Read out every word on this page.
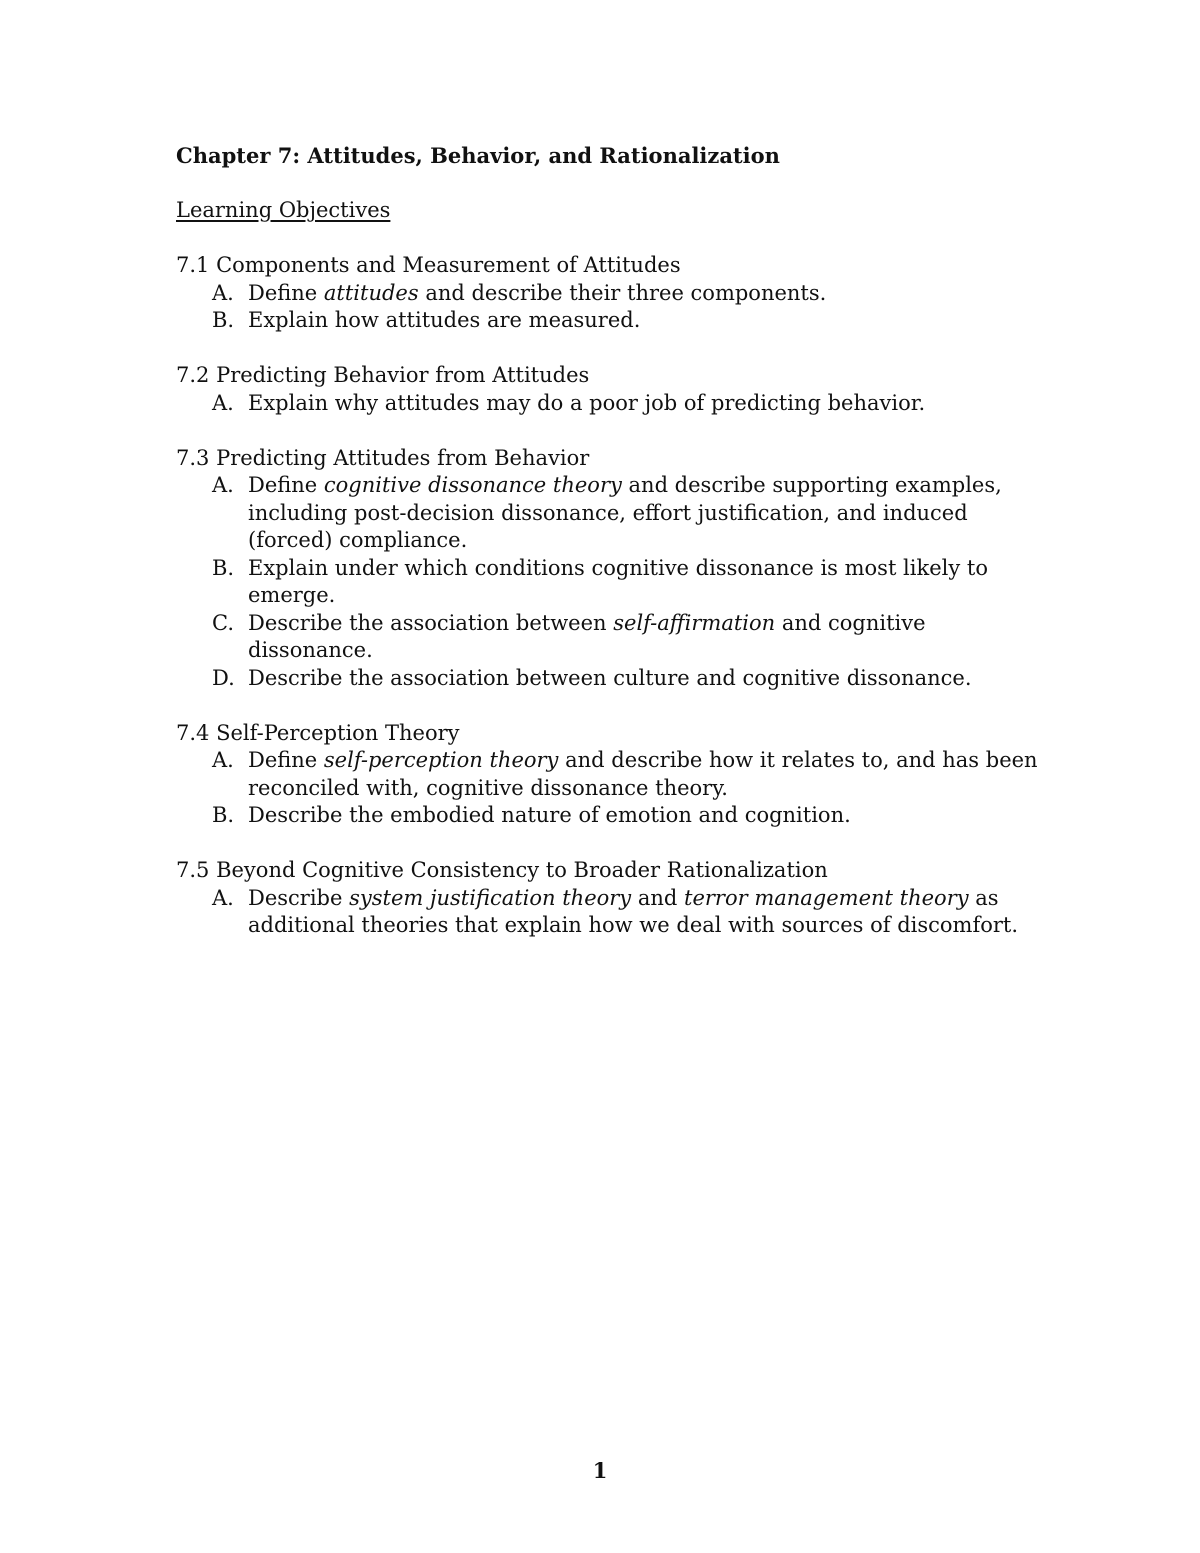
Chapter 7: Attitudes, Behavior, and Rationalization
Learning Objectives
7.1 Components and Measurement of Attitudes
A. Define attitudes and describe their three components.
B. Explain how attitudes are measured.
7.2 Predicting Behavior from Attitudes
A. Explain why attitudes may do a poor job of predicting behavior.
7.3 Predicting Attitudes from Behavior
A. Define cognitive dissonance theory and describe supporting examples, including post-decision dissonance, effort justification, and induced (forced) compliance.
B. Explain under which conditions cognitive dissonance is most likely to emerge.
C. Describe the association between self-affirmation and cognitive dissonance.
D. Describe the association between culture and cognitive dissonance.
7.4 Self-Perception Theory
A. Define self-perception theory and describe how it relates to, and has been reconciled with, cognitive dissonance theory.
B. Describe the embodied nature of emotion and cognition.
7.5 Beyond Cognitive Consistency to Broader Rationalization
A. Describe system justification theory and terror management theory as additional theories that explain how we deal with sources of discomfort.
1
